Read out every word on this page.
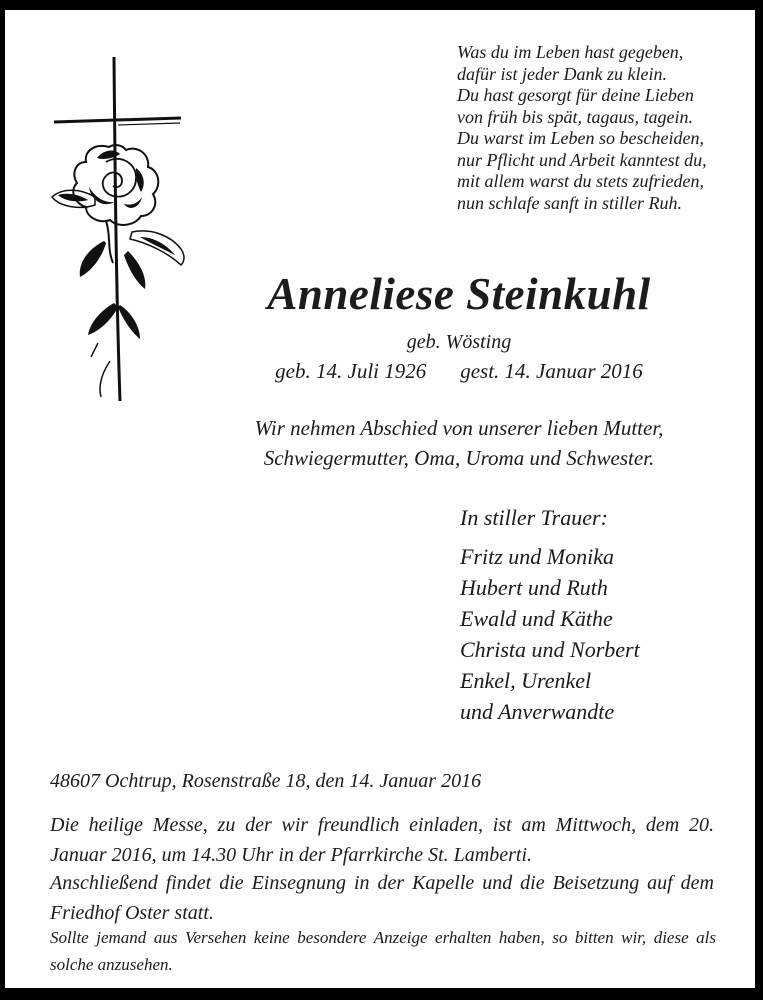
Was du im Leben hast gegeben,
dafür ist jeder Dank zu klein.
Du hast gesorgt für deine Lieben
von früh bis spät, tagaus, tagein.
Du warst im Leben so bescheiden,
nur Pflicht und Arbeit kanntest du,
mit allem warst du stets zufrieden,
nun schlafe sanft in stiller Ruh.
Anneliese Steinkuhl
geb. Wösting
geb. 14. Juli 1926 gest. 14. Januar 2016
Wir nehmen Abschied von unserer lieben Mutter,
Schwiegermutter, Oma, Uroma und Schwester.
In stiller Trauer:
Fritz und Monika
Hubert und Ruth
Ewald und Käthe
Christa und Norbert
Enkel, Urenkel
und Anverwandte
48607 Ochtrup, Rosenstraße 18, den 14. Januar 2016
Die heilige Messe, zu der wir freundlich einladen, ist am Mittwoch, dem 20. Januar 2016, um 14.30 Uhr in der Pfarrkirche St. Lamberti.
Anschließend findet die Einsegnung in der Kapelle und die Beisetzung auf dem Friedhof Oster statt.
Sollte jemand aus Versehen keine besondere Anzeige erhalten haben, so bitten wir, diese als solche anzusehen.
